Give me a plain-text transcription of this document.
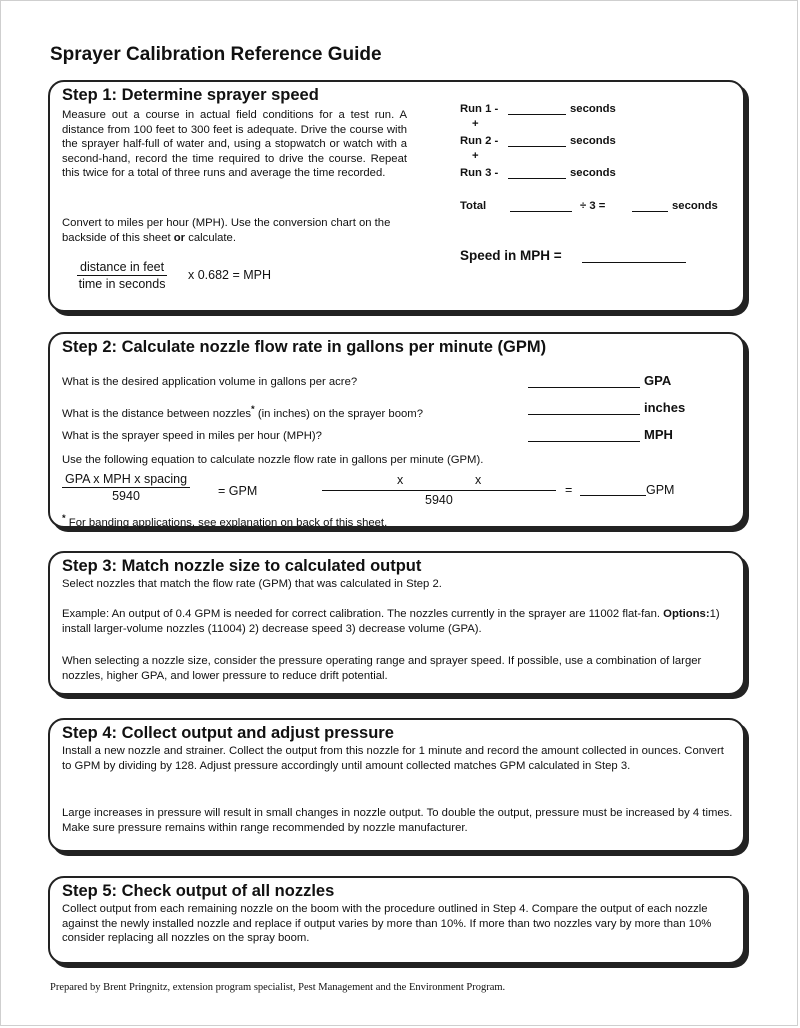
Sprayer Calibration Reference Guide
Step 1: Determine sprayer speed
Measure out a course in actual field conditions for a test run. A distance from 100 feet to 300 feet is adequate. Drive the course with the sprayer half-full of water and, using a stopwatch or watch with a second-hand, record the time required to drive the course. Repeat this twice for a total of three runs and average the time recorded.
Convert to miles per hour (MPH). Use the conversion chart on the backside of this sheet or calculate.
distance in feet
time in seconds
x 0.682 = MPH
Run 1 -	seconds
+
Run 2 -	seconds
+
Run 3 -	seconds
Total	÷ 3 =	seconds
Speed in MPH =
Step 2: Calculate nozzle flow rate in gallons per minute (GPM)
What is the desired application volume in gallons per acre?	GPA
What is the distance between nozzles* (in inches) on the sprayer boom?	inches
What is the sprayer speed in miles per hour (MPH)?	MPH
Use the following equation to calculate nozzle flow rate in gallons per minute (GPM).
GPA x MPH x spacing
5940	= GPM
x	x
5940
=	GPM
* For banding applications, see explanation on back of this sheet.
Step 3: Match nozzle size to calculated output
Select nozzles that match the flow rate (GPM) that was calculated in Step 2.
Example: An output of 0.4 GPM is needed for correct calibration. The nozzles currently in the sprayer are 11002 flat-fan. Options:1) install larger-volume nozzles (11004) 2) decrease speed 3) decrease volume (GPA).
When selecting a nozzle size, consider the pressure operating range and sprayer speed. If possible, use a combination of larger nozzles, higher GPA, and lower pressure to reduce drift potential.
Step 4: Collect output and adjust pressure
Install a new nozzle and strainer. Collect the output from this nozzle for 1 minute and record the amount collected in ounces. Convert to GPM by dividing by 128. Adjust pressure accordingly until amount collected matches GPM calculated in Step 3.
Large increases in pressure will result in small changes in nozzle output. To double the output, pressure must be increased by 4 times. Make sure pressure remains within range recommended by nozzle manufacturer.
Step 5: Check output of all nozzles
Collect output from each remaining nozzle on the boom with the procedure outlined in Step 4. Compare the output of each nozzle against the newly installed nozzle and replace if output varies by more than 10%. If more than two nozzles vary by more than 10% consider replacing all nozzles on the spray boom.
Prepared by Brent Pringnitz, extension program specialist, Pest Management and the Environment Program.
